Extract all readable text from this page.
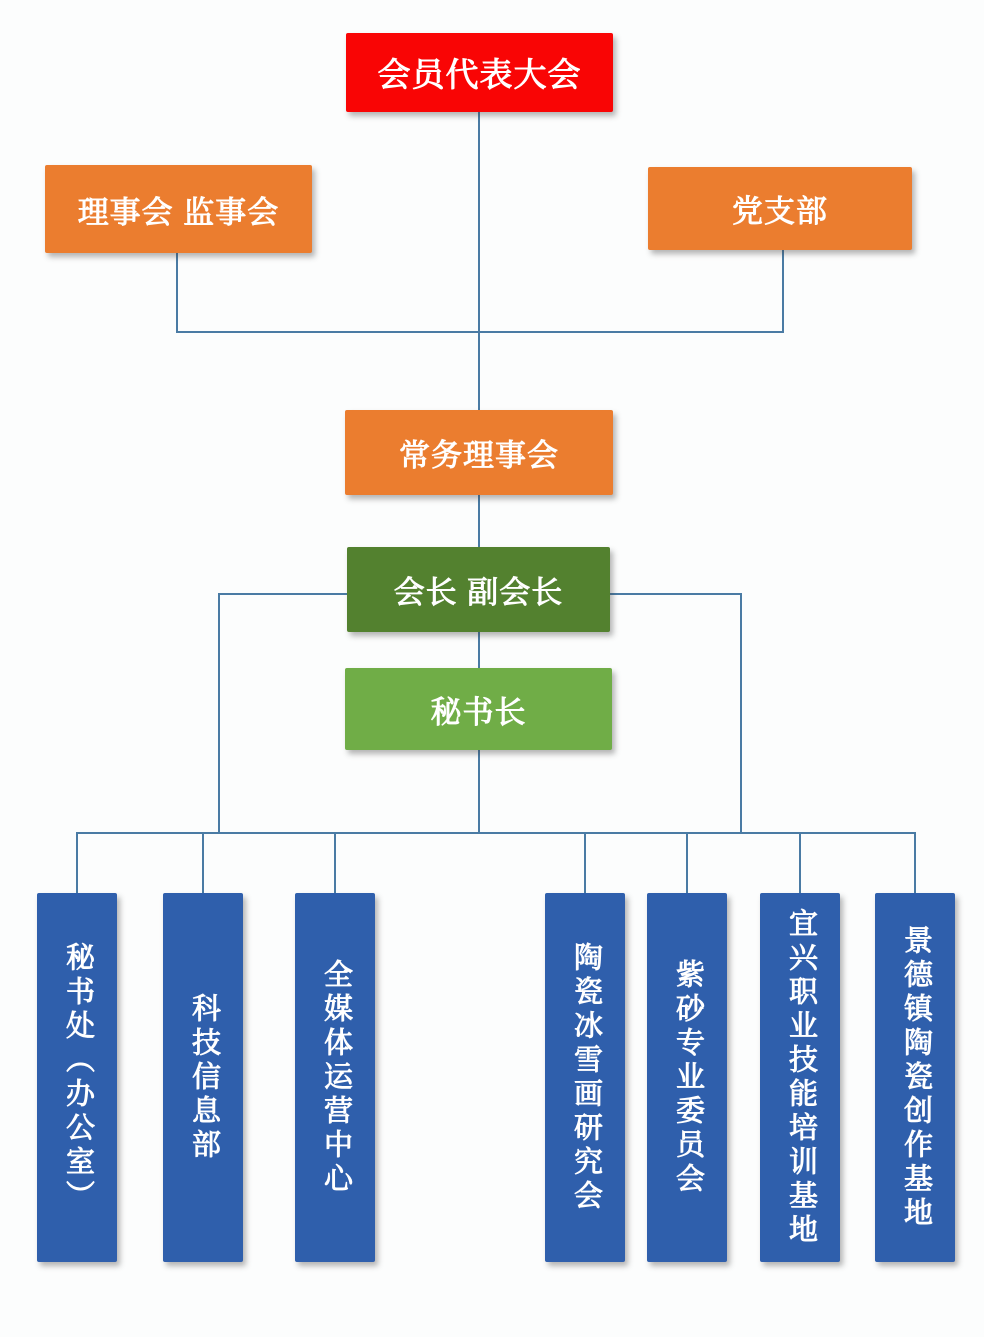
会员代表大会
理事会 监事会	党支部
常务理事会
会长 副会长
秘书长
秘书处（办公室）	科技信息部	全媒体运营中心	陶瓷冰雪画研究会 紫砂专业委员会	宜兴职业技能培训基地	景德镇陶瓷创作基地
